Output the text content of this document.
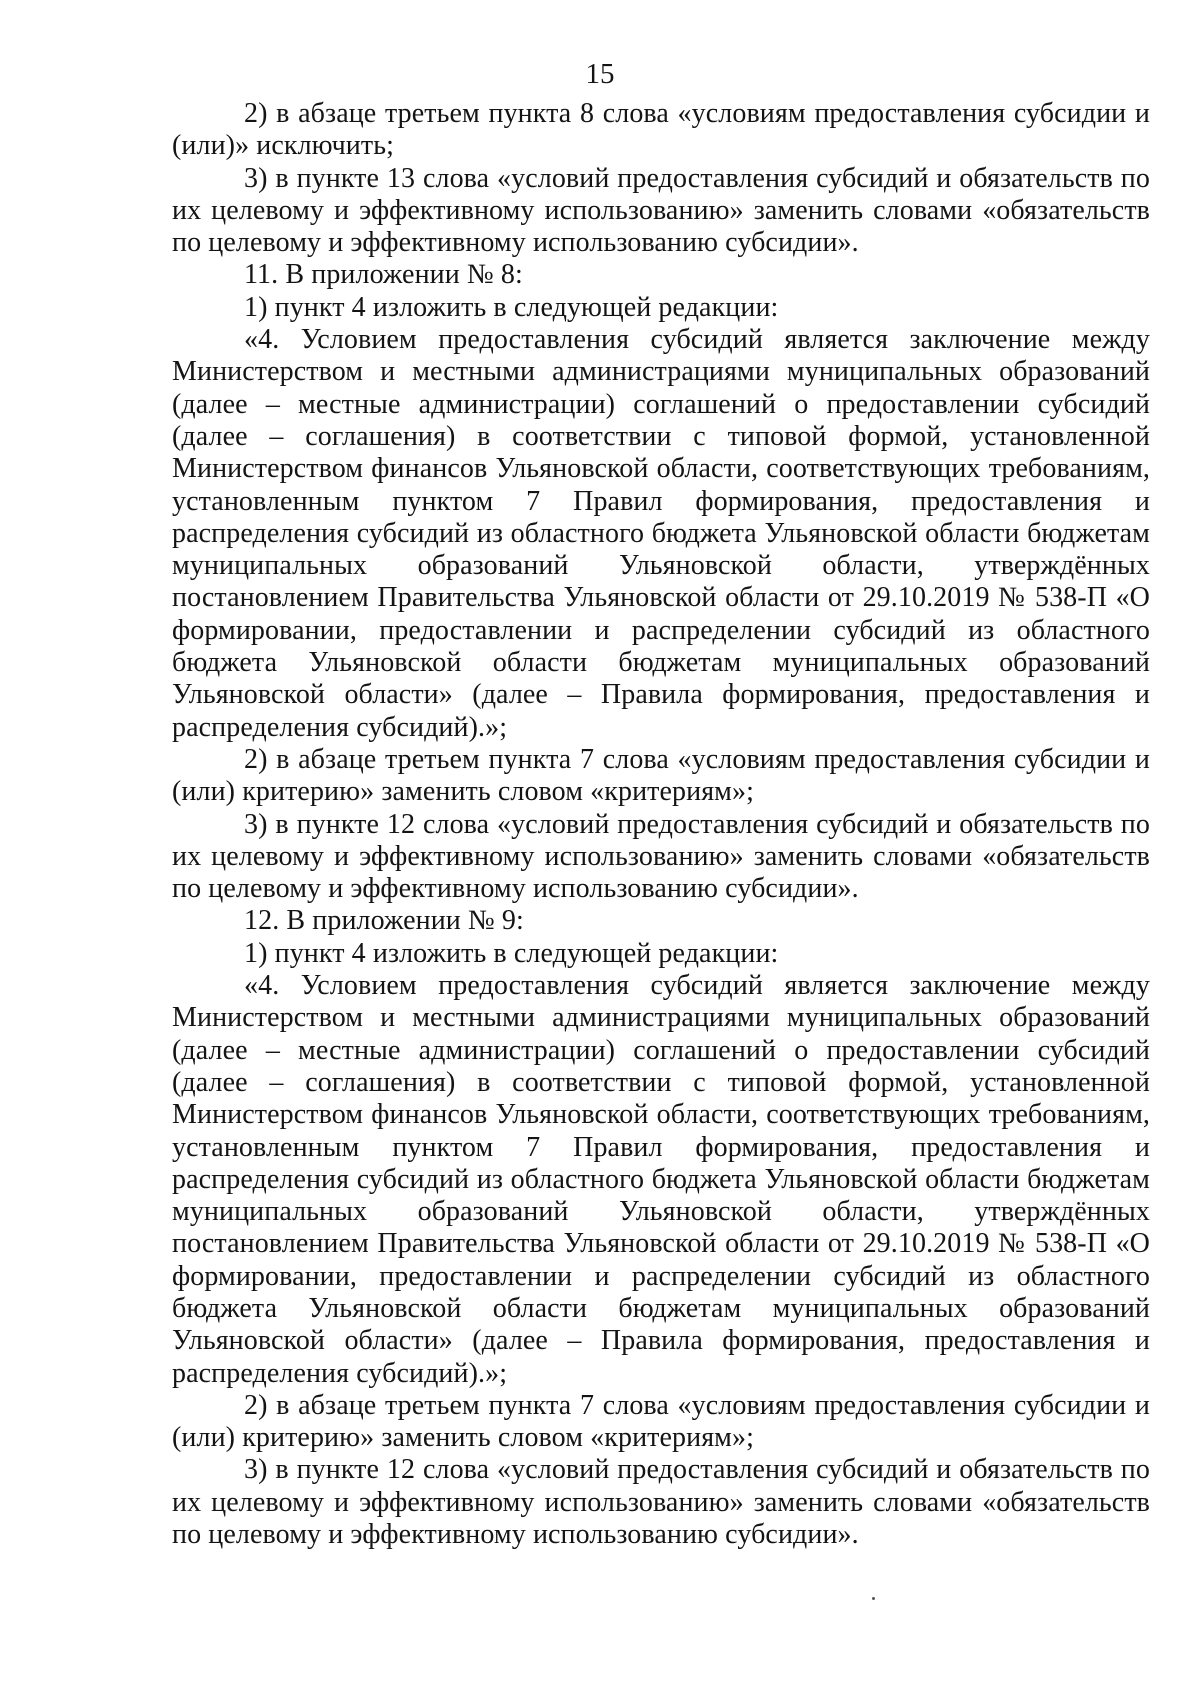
15

2) в абзаце третьем пункта 8 слова «условиям предоставления субсидии и (или)» исключить;

3) в пункте 13 слова «условий предоставления субсидий и обязательств по их целевому и эффективному использованию» заменить словами «обязательств по целевому и эффективному использованию субсидии».

11. В приложении № 8:

1) пункт 4 изложить в следующей редакции:

«4. Условием предоставления субсидий является заключение между Министерством и местными администрациями муниципальных образований (далее – местные администрации) соглашений о предоставлении субсидий (далее – соглашения) в соответствии с типовой формой, установленной Министерством финансов Ульяновской области, соответствующих требованиям, установленным пунктом 7 Правил формирования, предоставления и распределения субсидий из областного бюджета Ульяновской области бюджетам муниципальных образований Ульяновской области, утверждённых постановлением Правительства Ульяновской области от 29.10.2019 № 538-П «О формировании, предоставлении и распределении субсидий из областного бюджета Ульяновской области бюджетам муниципальных образований Ульяновской области» (далее – Правила формирования, предоставления и распределения субсидий).»;

2) в абзаце третьем пункта 7 слова «условиям предоставления субсидии и (или) критерию» заменить словом «критериям»;

3) в пункте 12 слова «условий предоставления субсидий и обязательств по их целевому и эффективному использованию» заменить словами «обязательств по целевому и эффективному использованию субсидии».

12. В приложении № 9:

1) пункт 4 изложить в следующей редакции:

«4. Условием предоставления субсидий является заключение между Министерством и местными администрациями муниципальных образований (далее – местные администрации) соглашений о предоставлении субсидий (далее – соглашения) в соответствии с типовой формой, установленной Министерством финансов Ульяновской области, соответствующих требованиям, установленным пунктом 7 Правил формирования, предоставления и распределения субсидий из областного бюджета Ульяновской области бюджетам муниципальных образований Ульяновской области, утверждённых постановлением Правительства Ульяновской области от 29.10.2019 № 538-П «О формировании, предоставлении и распределении субсидий из областного бюджета Ульяновской области бюджетам муниципальных образований Ульяновской области» (далее – Правила формирования, предоставления и распределения субсидий).»;

2) в абзаце третьем пункта 7 слова «условиям предоставления субсидии и (или) критерию» заменить словом «критериям»;

3) в пункте 12 слова «условий предоставления субсидий и обязательств по их целевому и эффективному использованию» заменить словами «обязательств по целевому и эффективному использованию субсидии».
